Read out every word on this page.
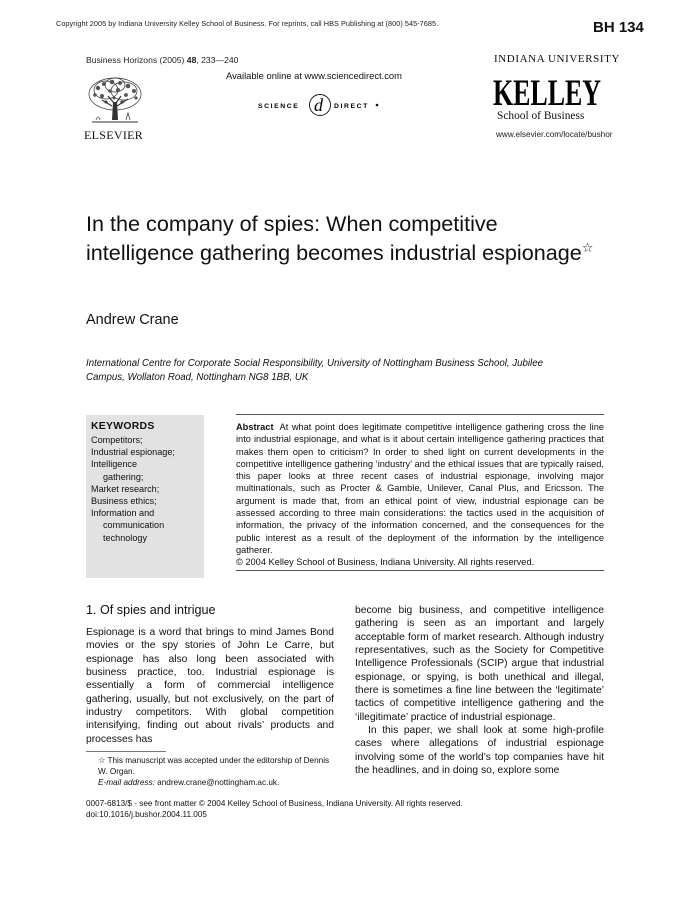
Copyright 2005 by Indiana University Kelley School of Business. For reprints, call HBS Publishing at (800) 545-7685.	BH 134
Business Horizons (2005) 48, 233—240
Available online at www.sciencedirect.com
SCIENCE d DIRECT
ELSEVIER
INDIANA UNIVERSITY
KELLEY
School of Business
www.elsevier.com/locate/bushor
In the company of spies: When competitive intelligence gathering becomes industrial espionage☆
Andrew Crane
International Centre for Corporate Social Responsibility, University of Nottingham Business School, Jubilee
Campus, Wollaton Road, Nottingham NG8 1BB, UK
KEYWORDS
Competitors;
Industrial espionage;
Intelligence
gathering;
Market research;
Business ethics;
Information and
communication
technology
Abstract At what point does legitimate competitive intelligence gathering cross the line into industrial espionage, and what is it about certain intelligence gathering practices that makes them open to criticism? In order to shed light on current developments in the competitive intelligence gathering ‘industry’ and the ethical issues that are typically raised, this paper looks at three recent cases of industrial espionage, involving major multinationals, such as Procter & Gamble, Unilever, Canal Plus, and Ericsson. The argument is made that, from an ethical point of view, industrial espionage can be assessed according to three main considerations: the tactics used in the acquisition of information, the privacy of the information concerned, and the consequences for the public interest as a result of the deployment of the information by the intelligence gatherer.
© 2004 Kelley School of Business, Indiana University. All rights reserved.
1. Of spies and intrigue

Espionage is a word that brings to mind James Bond movies or the spy stories of John Le Carre, but espionage has also long been associated with business practice, too. Industrial espionage is essentially a form of commercial intelligence gathering, usually, but not exclusively, on the part of industry competitors. With global competition intensifying, finding out about rivals’ products and processes has

become big business, and competitive intelligence gathering is seen as an important and largely acceptable form of market research. Although industry representatives, such as the Society for Competitive Intelligence Professionals (SCIP) argue that industrial espionage, or spying, is both unethical and illegal, there is sometimes a fine line between the ‘legitimate’ tactics of competitive intelligence gathering and the ‘illegitimate’ practice of industrial espionage.

In this paper, we shall look at some high-profile cases where allegations of industrial espionage involving some of the world’s top companies have hit the headlines, and in doing so, explore some

☆ This manuscript was accepted under the editorship of Dennis W. Organ.
E-mail address: andrew.crane@nottingham.ac.uk.
0007-6813/$ - see front matter © 2004 Kelley School of Business, Indiana University. All rights reserved.
doi:10.1016/j.bushor.2004.11.005
